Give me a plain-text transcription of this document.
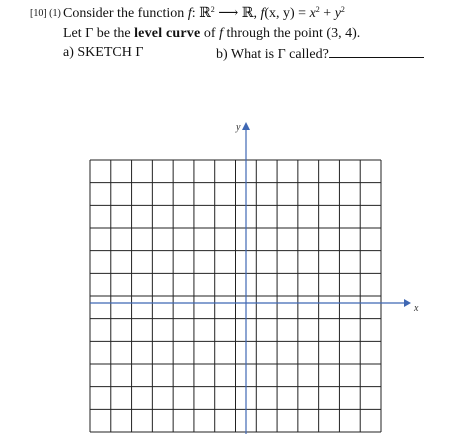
[10] (1) Consider the function f: ℝ$^2$ ⟶ ℝ, f(x, $y) = x^2 + y^2$
Let Γ be the level curve of f through the point (3, 4).
a) SKETCH Γ	b) What is Γ called?
x
y
